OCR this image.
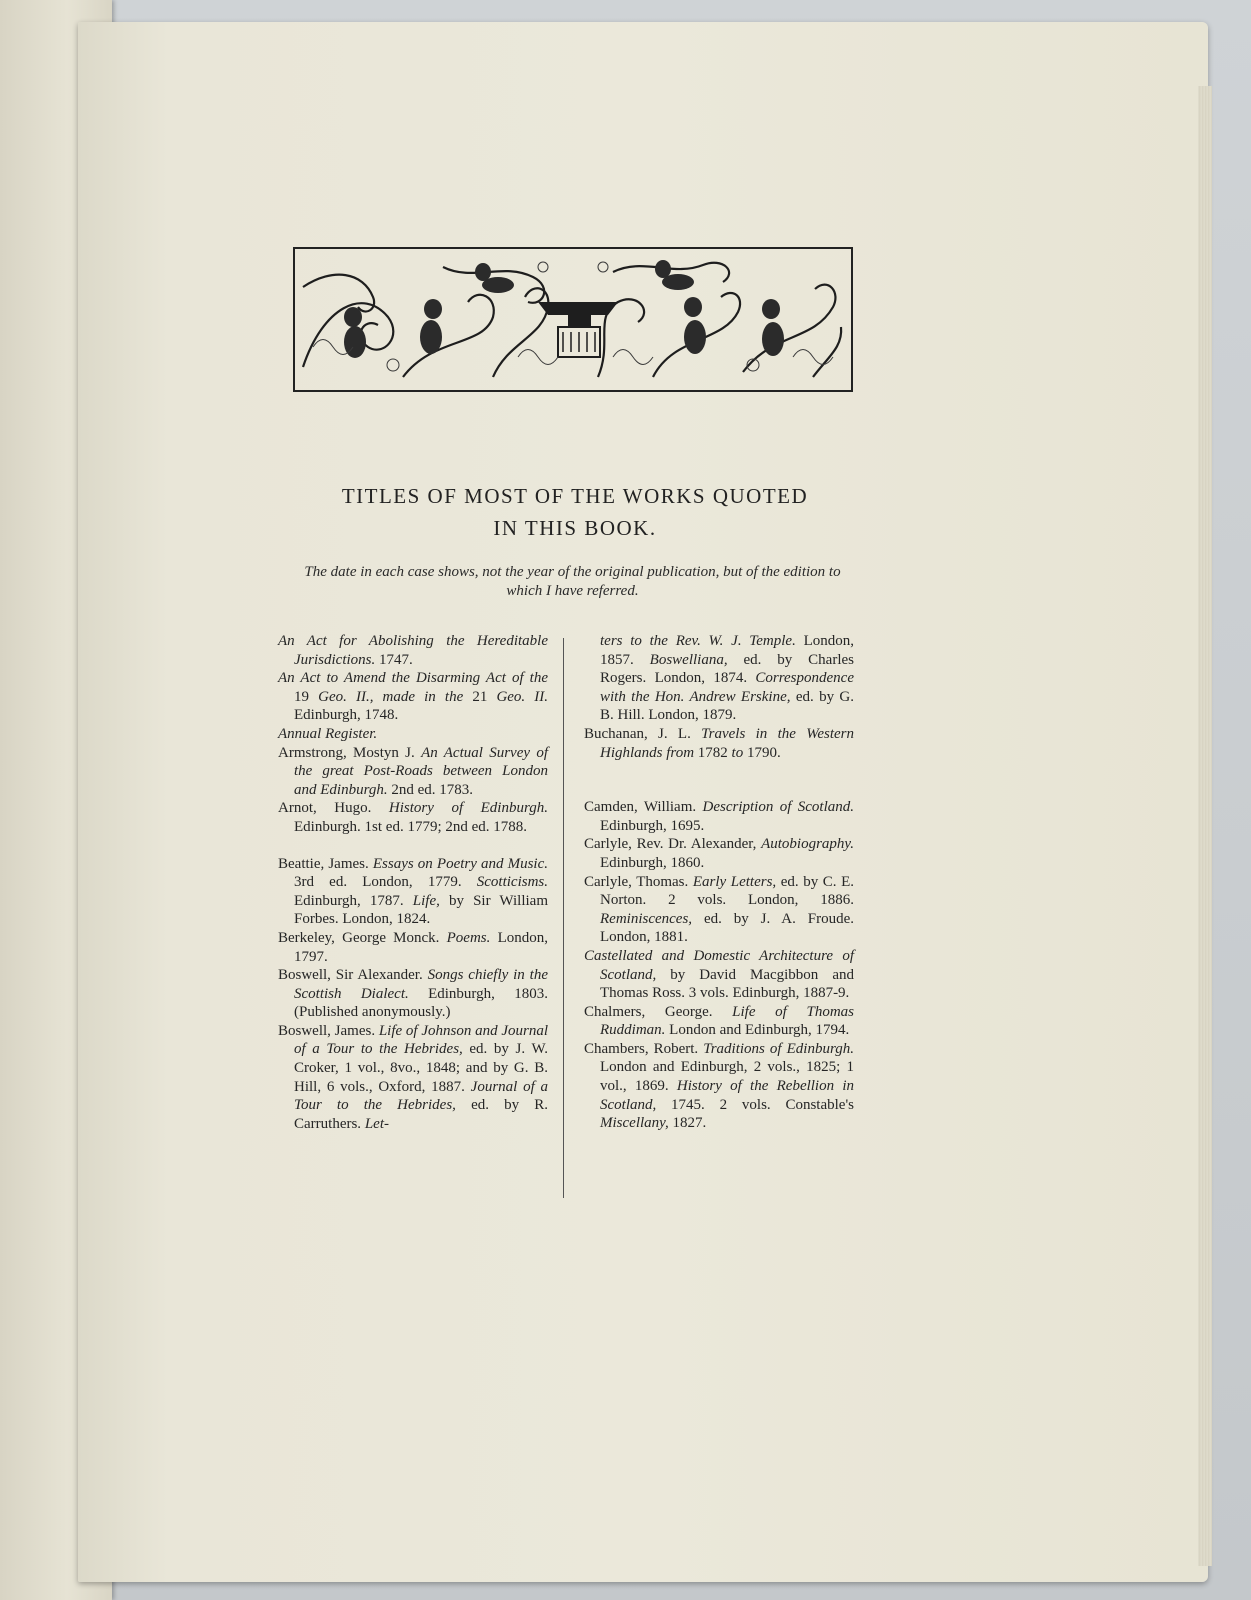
TITLES OF MOST OF THE WORKS QUOTED
IN THIS BOOK.
The date in each case shows, not the year of the original publication, but of the edition to which I have referred.

An Act for Abolishing the Hereditable Jurisdictions. 1747.

An Act to Amend the Disarming Act of the 19 Geo. II., made in the 21 Geo. II. Edinburgh, 1748.

Annual Register.

Armstrong, Mostyn J. An Actual Survey of the great Post-Roads between London and Edinburgh. 2nd ed. 1783.

Arnot, Hugo. History of Edinburgh. Edinburgh. 1st ed. 1779; 2nd ed. 1788.

Beattie, James. Essays on Poetry and Music. 3rd ed. London, 1779. Scotticisms. Edinburgh, 1787. Life, by Sir William Forbes. London, 1824.

Berkeley, George Monck. Poems. London, 1797.

Boswell, Sir Alexander. Songs chiefly in the Scottish Dialect. Edinburgh, 1803. (Published anonymously.)

Boswell, James. Life of Johnson and Journal of a Tour to the Hebrides, ed. by J. W. Croker, 1 vol., 8vo., 1848; and by G. B. Hill, 6 vols., Oxford, 1887. Journal of a Tour to the Hebrides, ed. by R. Carruthers. Let-

ters to the Rev. W. J. Temple. London, 1857. Boswelliana, ed. by Charles Rogers. London, 1874. Correspondence with the Hon. Andrew Erskine, ed. by G. B. Hill. London, 1879.

Buchanan, J. L. Travels in the Western Highlands from 1782 to 1790.

Camden, William. Description of Scotland. Edinburgh, 1695.

Carlyle, Rev. Dr. Alexander, Autobiography. Edinburgh, 1860.

Carlyle, Thomas. Early Letters, ed. by C. E. Norton. 2 vols. London, 1886. Reminiscences, ed. by J. A. Froude. London, 1881.

Castellated and Domestic Architecture of Scotland, by David Macgibbon and Thomas Ross. 3 vols. Edinburgh, 1887-9.

Chalmers, George. Life of Thomas Ruddiman. London and Edinburgh, 1794.

Chambers, Robert. Traditions of Edinburgh. London and Edinburgh, 2 vols., 1825; 1 vol., 1869. History of the Rebellion in Scotland, 1745. 2 vols. Constable's Miscellany, 1827.
